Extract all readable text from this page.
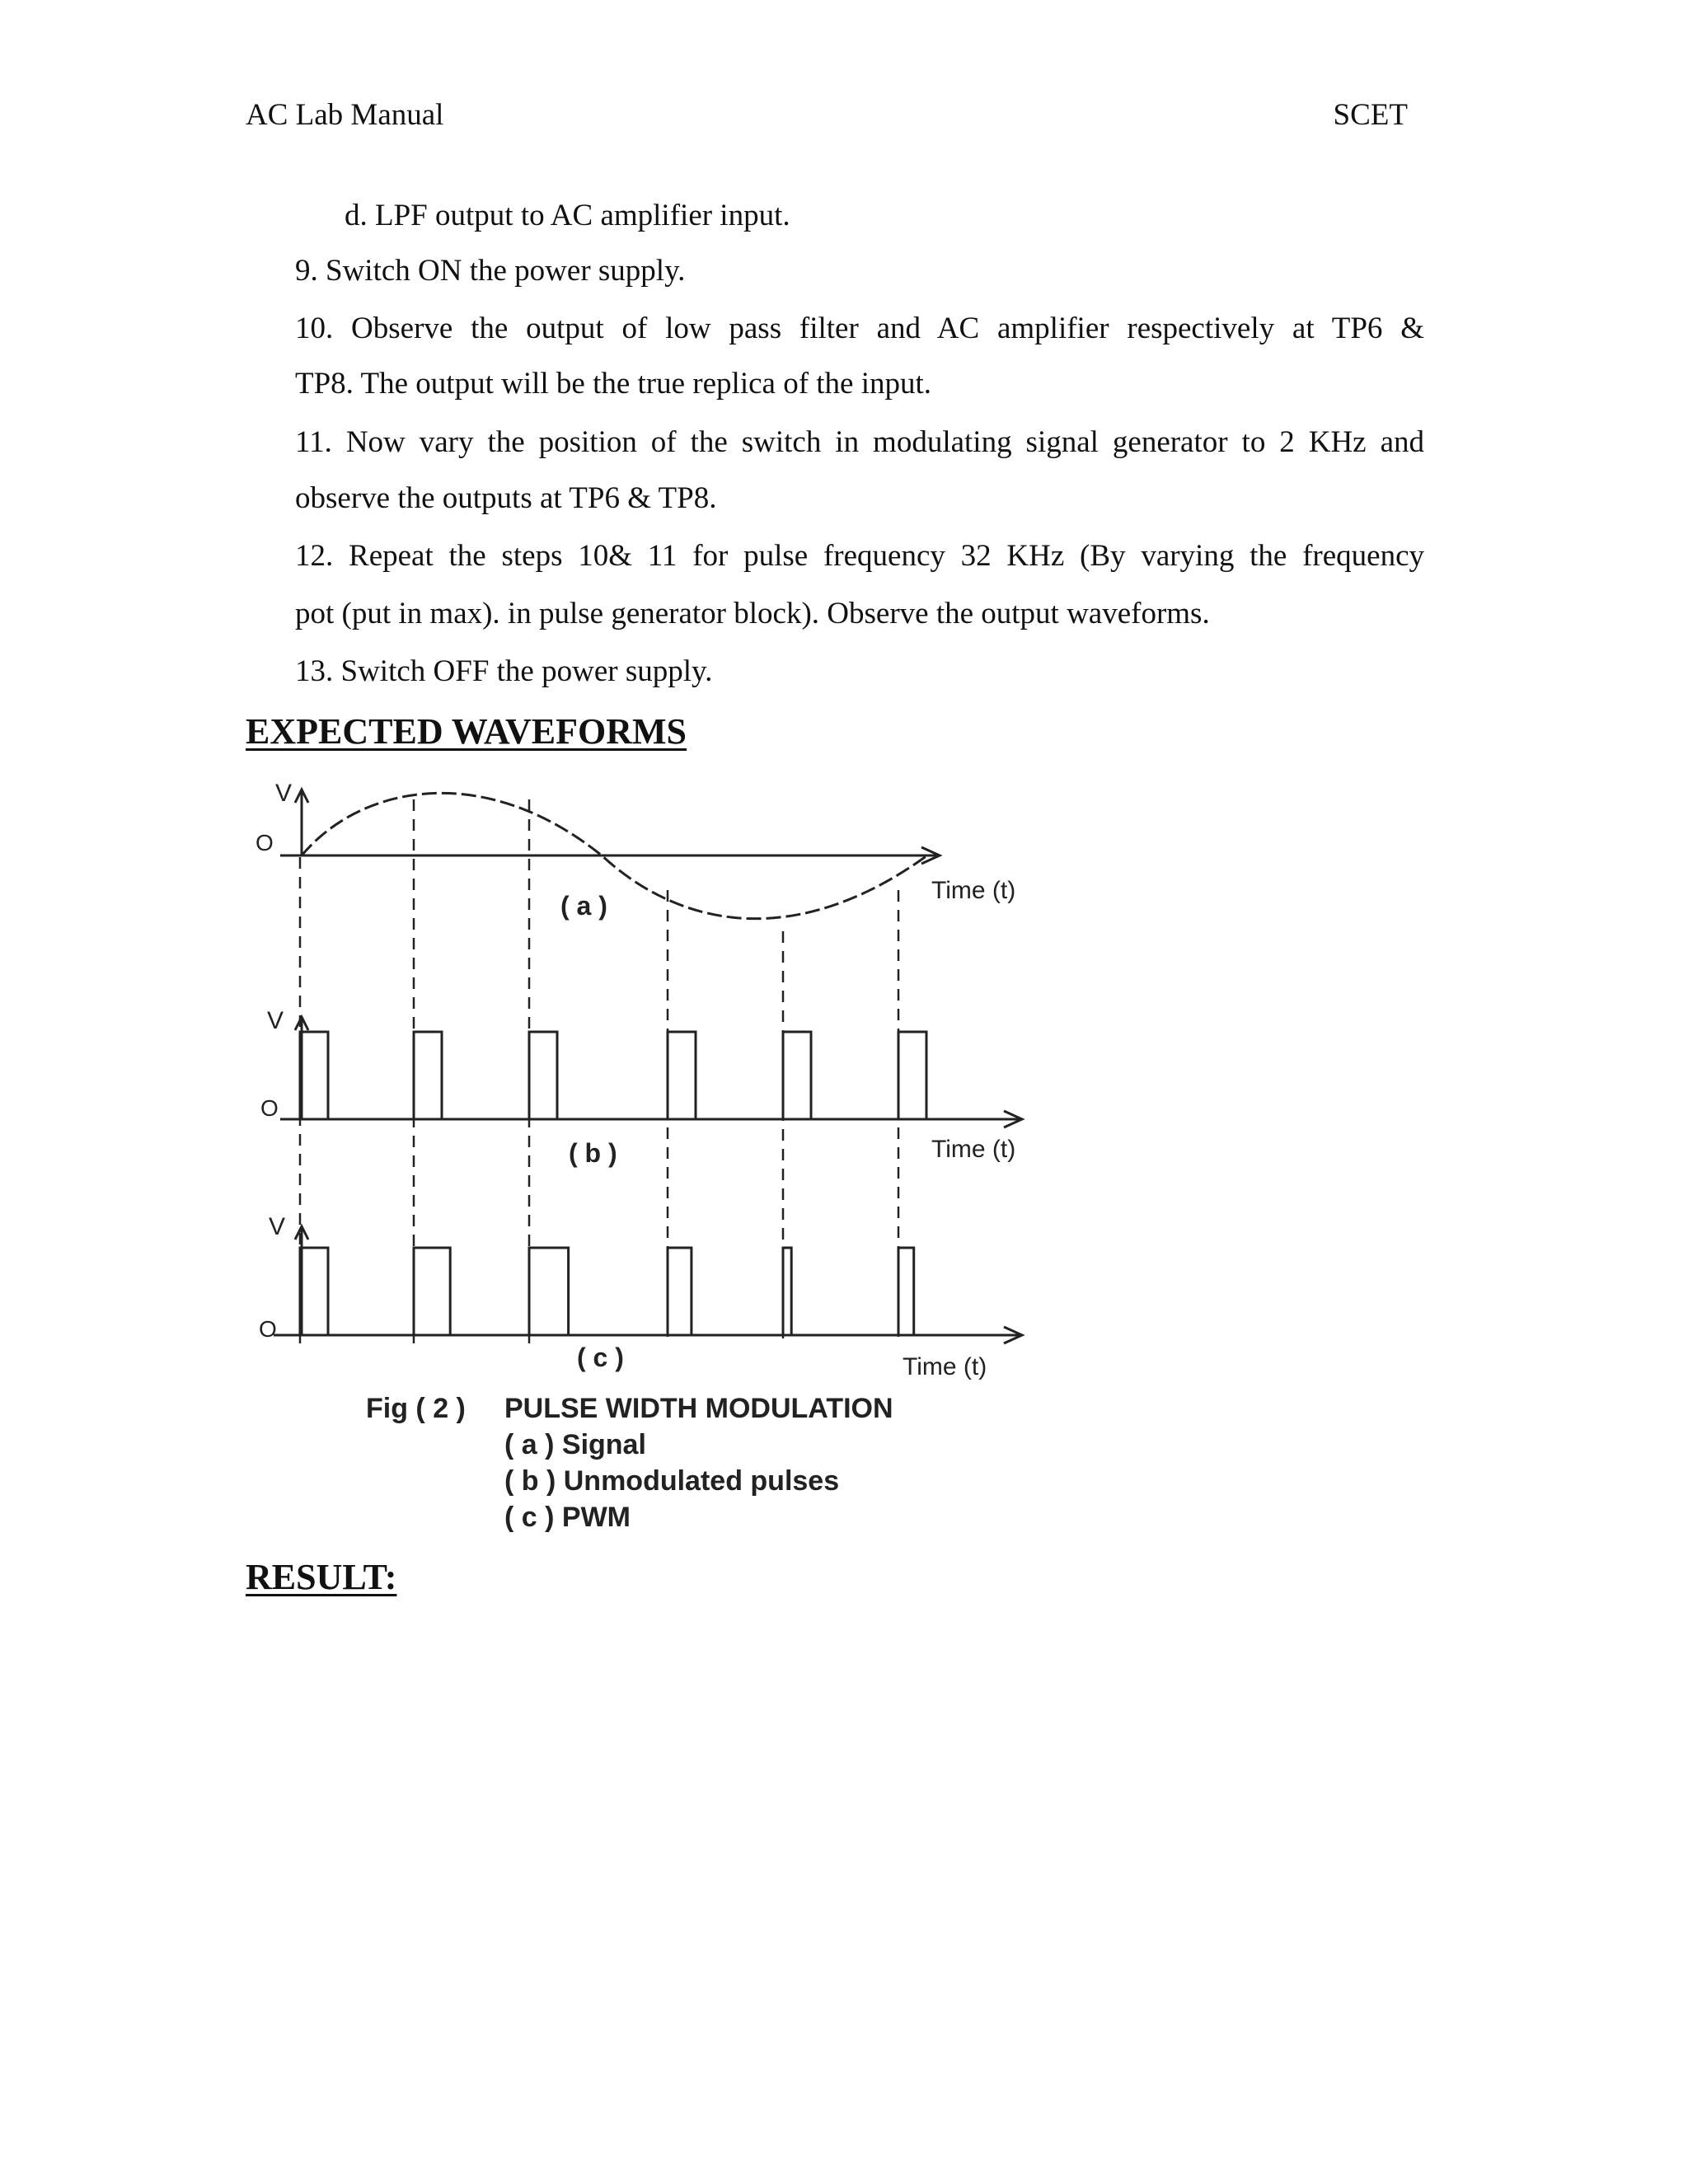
AC Lab Manual	SCET
d. LPF output to AC amplifier input.
9. Switch ON the power supply.
10. Observe the output of low pass filter and AC amplifier respectively at TP6 &
TP8. The output will be the true replica of the input.
11. Now vary the position of the switch in modulating signal generator to 2 KHz and
observe the outputs at TP6 & TP8.
12. Repeat the steps 10& 11 for pulse frequency 32 KHz (By varying the frequency
pot (put in max). in pulse generator block). Observe the output waveforms.
13. Switch OFF the power supply.
EXPECTED WAVEFORMS
V
O
Time (t)
( a )
V
O
Time (t)
( b )
V
O
Time (t)
( c )
Fig ( 2 ) PULSE WIDTH MODULATION
( a ) Signal
( b ) Unmodulated pulses
( c ) PWM
RESULT:
